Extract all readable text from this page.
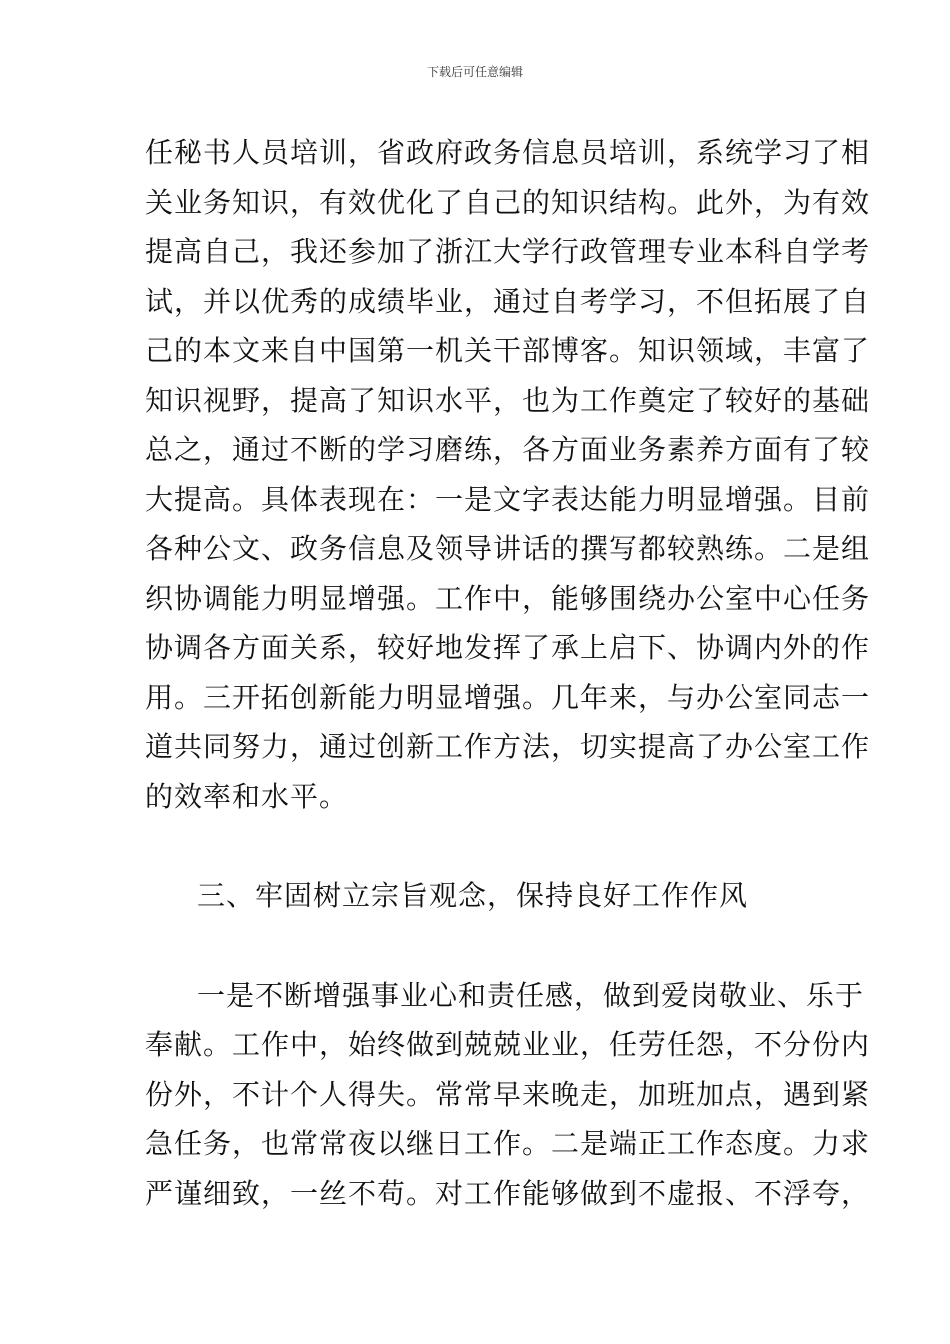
下载后可任意编辑
任秘书人员培训，省政府政务信息员培训，系统学习了相
关业务知识，有效优化了自己的知识结构。此外，为有效
提高自己，我还参加了浙江大学行政管理专业本科自学考
试，并以优秀的成绩毕业，通过自考学习，不但拓展了自
己的本文来自中国第一机关干部博客。知识领域，丰富了
知识视野，提高了知识水平，也为工作奠定了较好的基础
总之，通过不断的学习磨练，各方面业务素养方面有了较
大提高。具体表现在：一是文字表达能力明显增强。目前
各种公文、政务信息及领导讲话的撰写都较熟练。二是组
织协调能力明显增强。工作中，能够围绕办公室中心任务
协调各方面关系，较好地发挥了承上启下、协调内外的作
用。三开拓创新能力明显增强。几年来，与办公室同志一
道共同努力，通过创新工作方法，切实提高了办公室工作
的效率和水平。
三、牢固树立宗旨观念，保持良好工作作风
一是不断增强事业心和责任感，做到爱岗敬业、乐于
奉献。工作中，始终做到兢兢业业，任劳任怨，不分份内
份外，不计个人得失。常常早来晚走，加班加点，遇到紧
急任务，也常常夜以继日工作。二是端正工作态度。力求
严谨细致，一丝不苟。对工作能够做到不虚报、不浮夸，
